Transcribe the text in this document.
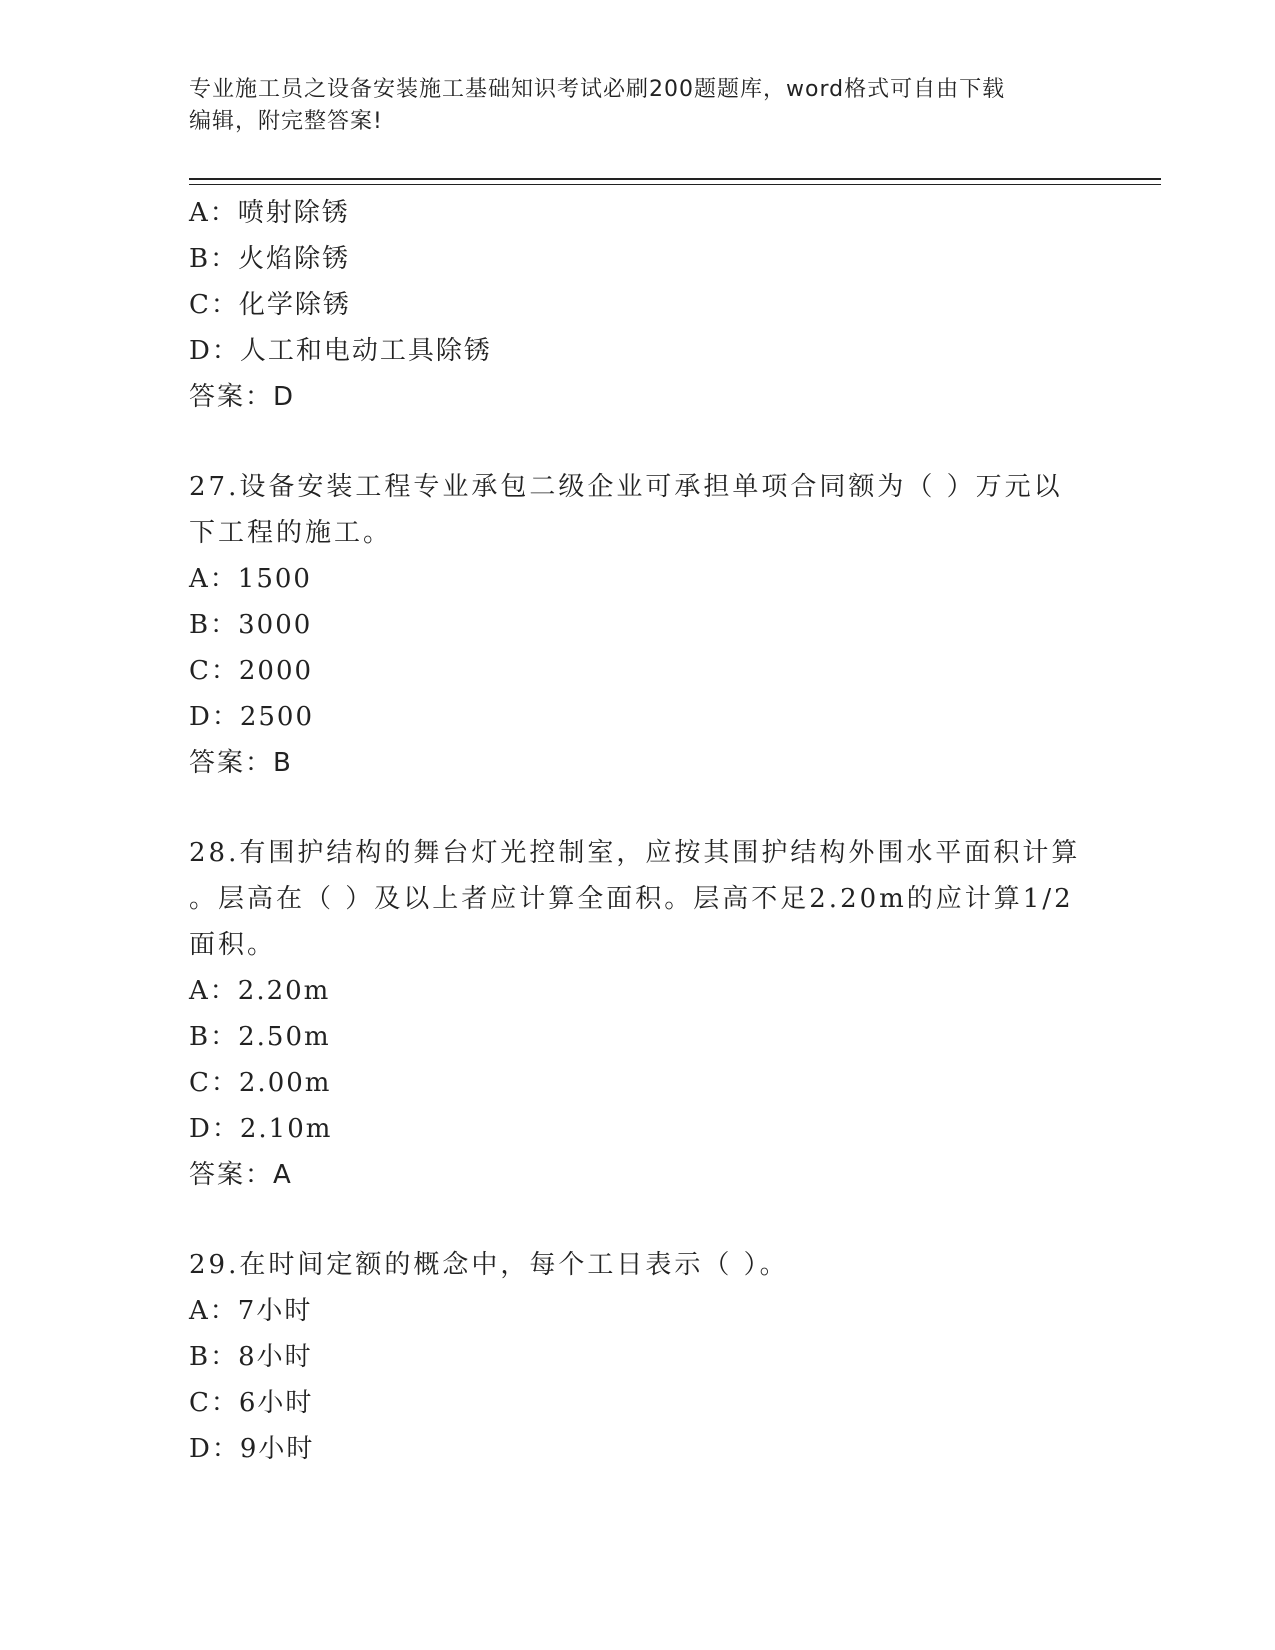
专业施工员之设备安装施工基础知识考试必刷200题题库，word格式可自由下载
编辑，附完整答案!
A：喷射除锈
B：火焰除锈
C：化学除锈
D：人工和电动工具除锈
答案：D
27.设备安装工程专业承包二级企业可承担单项合同额为（ ）万元以
下工程的施工。
A：1500
B：3000
C：2000
D：2500
答案：B
28.有围护结构的舞台灯光控制室，应按其围护结构外围水平面积计算
。层高在（ ）及以上者应计算全面积。层高不足2.20m的应计算1/2
面积。
A：2.20m
B：2.50m
C：2.00m
D：2.10m
答案：A
29.在时间定额的概念中，每个工日表示（ ）。
A：7小时
B：8小时
C：6小时
D：9小时
